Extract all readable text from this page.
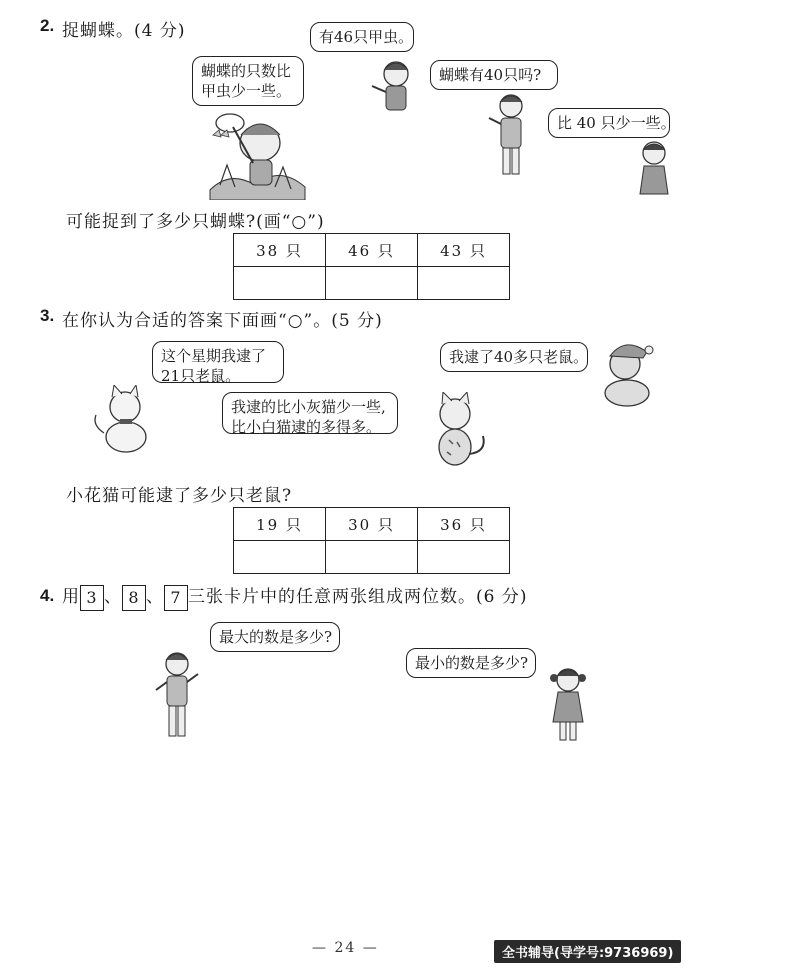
2. 捉蝴蝶。(4 分)
蝴蝶的只数比
甲虫少一些。
有46只甲虫。
蝴蝶有40只吗?
比 40 只少一些。
可能捉到了多少只蝴蝶?(画“○”)
38 只	46 只	43 只

3. 在你认为合适的答案下面画“○”。(5 分)
这个星期我逮了
21只老鼠。
我逮的比小灰猫少一些,
比小白猫逮的多得多。
我逮了40多只老鼠。
小花猫可能逮了多少只老鼠?
19 只	30 只	36 只

4. 用 3 、 8 、 7 三张卡片中的任意两张组成两位数。(6 分)
最大的数是多少?
最小的数是多少?
— 24 —	全书辅导(导学号:9736969)
